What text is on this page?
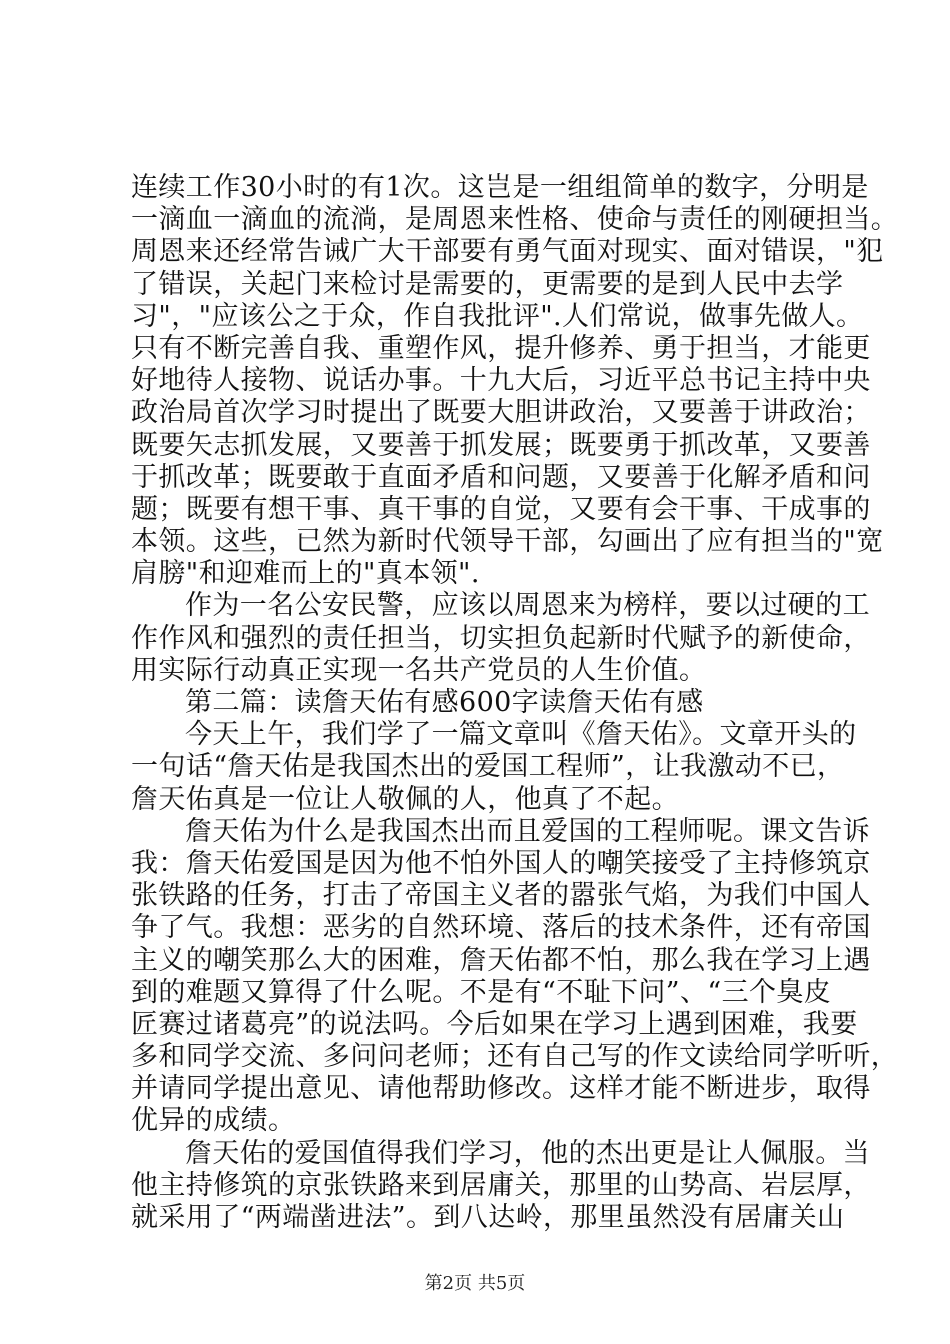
连续工作30小时的有1次。这岂是一组组简单的数字，分明是
一滴血一滴血的流淌，是周恩来性格、使命与责任的刚硬担当。
周恩来还经常告诫广大干部要有勇气面对现实、面对错误，"犯
了错误，关起门来检讨是需要的，更需要的是到人民中去学
习"，"应该公之于众，作自我批评".人们常说，做事先做人。
只有不断完善自我、重塑作风，提升修养、勇于担当，才能更
好地待人接物、说话办事。十九大后，习近平总书记主持中央
政治局首次学习时提出了既要大胆讲政治，又要善于讲政治；
既要矢志抓发展，又要善于抓发展；既要勇于抓改革，又要善
于抓改革；既要敢于直面矛盾和问题，又要善于化解矛盾和问
题；既要有想干事、真干事的自觉，又要有会干事、干成事的
本领。这些，已然为新时代领导干部，勾画出了应有担当的"宽
肩膀"和迎难而上的"真本领".
作为一名公安民警，应该以周恩来为榜样，要以过硬的工
作作风和强烈的责任担当，切实担负起新时代赋予的新使命，
用实际行动真正实现一名共产党员的人生价值。
第二篇：读詹天佑有感600字读詹天佑有感
今天上午，我们学了一篇文章叫《詹天佑》。文章开头的
一句话“詹天佑是我国杰出的爱国工程师”，让我激动不已，
詹天佑真是一位让人敬佩的人，他真了不起。
詹天佑为什么是我国杰出而且爱国的工程师呢。课文告诉
我：詹天佑爱国是因为他不怕外国人的嘲笑接受了主持修筑京
张铁路的任务，打击了帝国主义者的嚣张气焰，为我们中国人
争了气。我想：恶劣的自然环境、落后的技术条件，还有帝国
主义的嘲笑那么大的困难，詹天佑都不怕，那么我在学习上遇
到的难题又算得了什么呢。不是有“不耻下问”、“三个臭皮
匠赛过诸葛亮”的说法吗。今后如果在学习上遇到困难，我要
多和同学交流、多问问老师；还有自己写的作文读给同学听听，
并请同学提出意见、请他帮助修改。这样才能不断进步，取得
优异的成绩。
詹天佑的爱国值得我们学习，他的杰出更是让人佩服。当
他主持修筑的京张铁路来到居庸关，那里的山势高、岩层厚，
就采用了“两端凿进法”。到八达岭，那里虽然没有居庸关山
第2页 共5页
